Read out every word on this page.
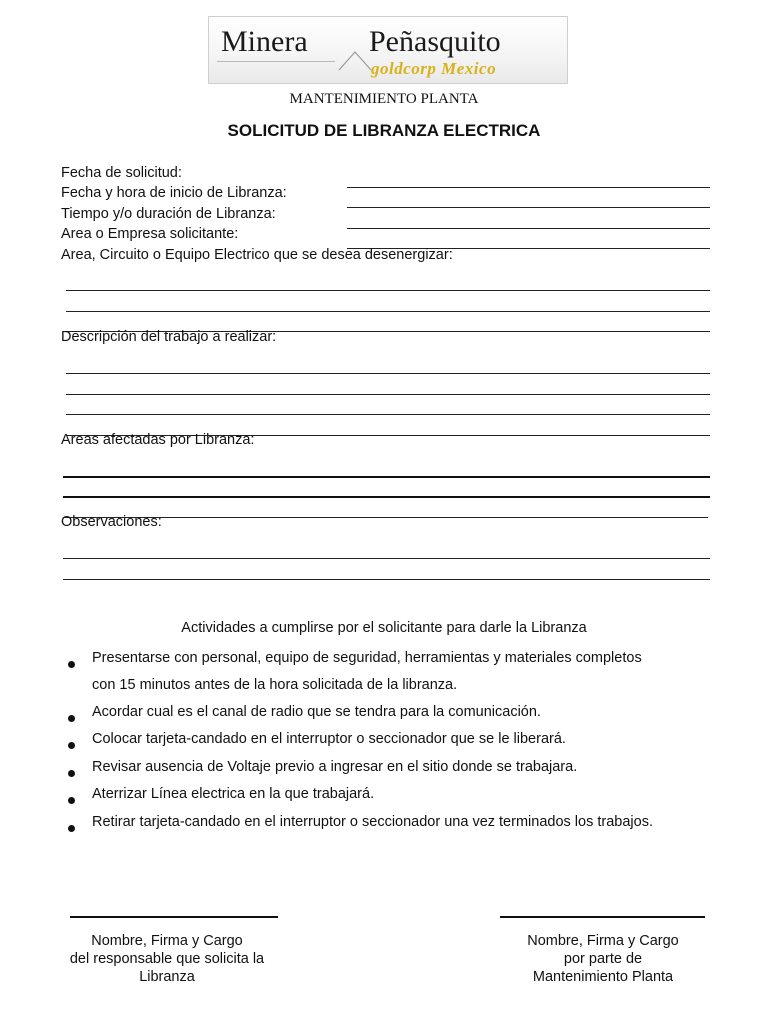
Minera Peñasquito
goldcorp Mexico
MANTENIMIENTO PLANTA
SOLICITUD DE LIBRANZA ELECTRICA
Fecha de solicitud:
Fecha y hora de inicio de Libranza:
Tiempo y/o duración de Libranza:
Area o Empresa solicitante:
Area, Circuito o Equipo Electrico que se desea desenergizar:
Descripción del trabajo a realizar:
Areas afectadas por Libranza:
Observaciones:
Actividades a cumplirse por el solicitante para darle la Libranza
Presentarse con personal, equipo de seguridad, herramientas y materiales completos
con 15 minutos antes de la hora solicitada de la libranza.
Acordar cual es el canal de radio que se tendra para la comunicación.
Colocar tarjeta-candado en el interruptor o seccionador que se le liberará.
Revisar ausencia de Voltaje previo a ingresar en el sitio donde se trabajara.
Aterrizar Línea electrica en la que trabajará.
Retirar tarjeta-candado en el interruptor o seccionador una vez terminados los trabajos.
Nombre, Firma y Cargo
del responsable que solicita la
Libranza
Nombre, Firma y Cargo
por parte de
Mantenimiento Planta
